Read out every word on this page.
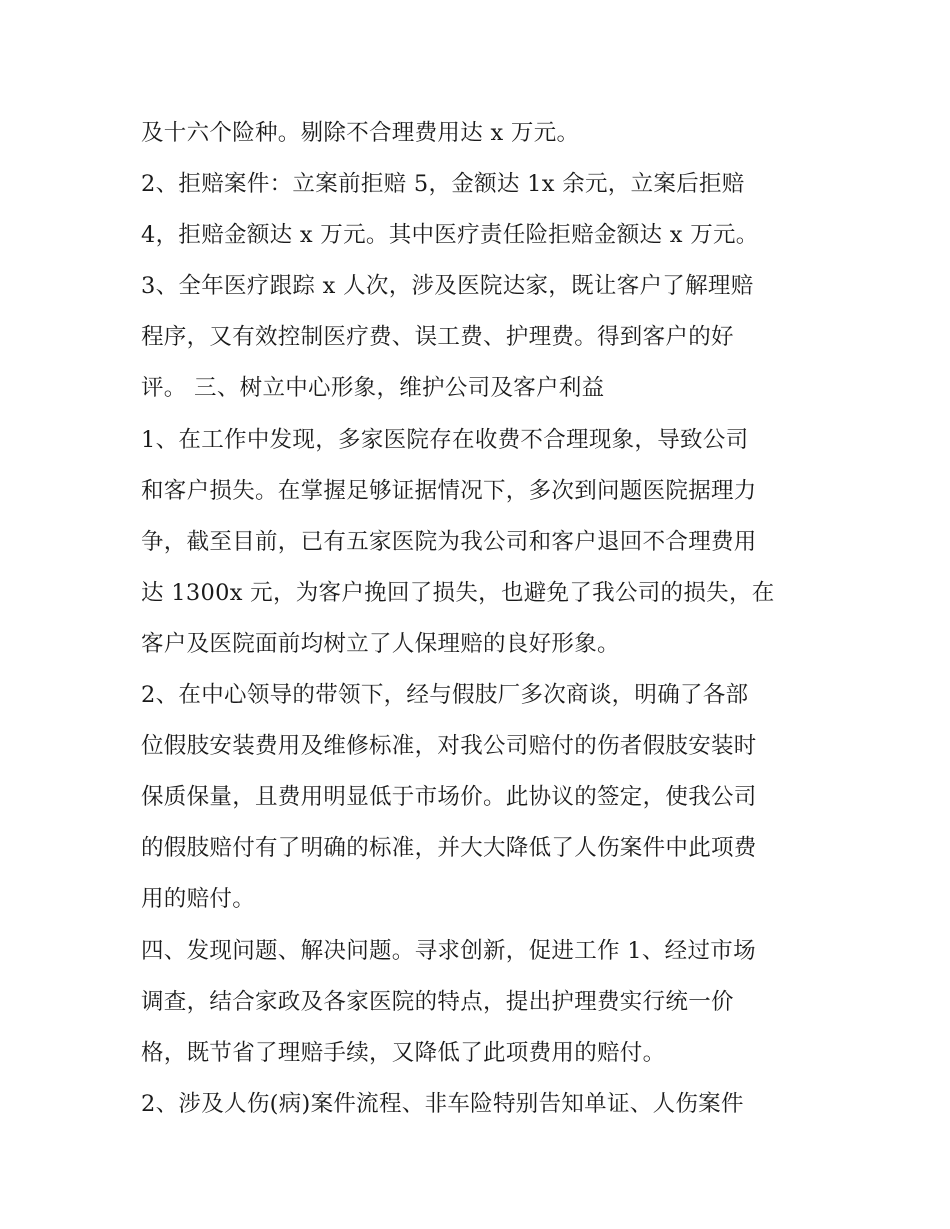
及十六个险种。剔除不合理费用达 x 万元。
2、拒赔案件：立案前拒赔 5，金额达 1x 余元，立案后拒赔
4，拒赔金额达 x 万元。其中医疗责任险拒赔金额达 x 万元。
3、全年医疗跟踪 x 人次，涉及医院达家，既让客户了解理赔
程序，又有效控制医疗费、误工费、护理费。得到客户的好
评。 三、树立中心形象，维护公司及客户利益
1、在工作中发现，多家医院存在收费不合理现象，导致公司
和客户损失。在掌握足够证据情况下，多次到问题医院据理力
争，截至目前，已有五家医院为我公司和客户退回不合理费用
达 1300x 元，为客户挽回了损失，也避免了我公司的损失，在
客户及医院面前均树立了人保理赔的良好形象。
2、在中心领导的带领下，经与假肢厂多次商谈，明确了各部
位假肢安装费用及维修标准，对我公司赔付的伤者假肢安装时
保质保量，且费用明显低于市场价。此协议的签定，使我公司
的假肢赔付有了明确的标准，并大大降低了人伤案件中此项费
用的赔付。
四、发现问题、解决问题。寻求创新，促进工作 1、经过市场
调查，结合家政及各家医院的特点，提出护理费实行统一价
格，既节省了理赔手续，又降低了此项费用的赔付。
2、涉及人伤(病)案件流程、非车险特别告知单证、人伤案件
